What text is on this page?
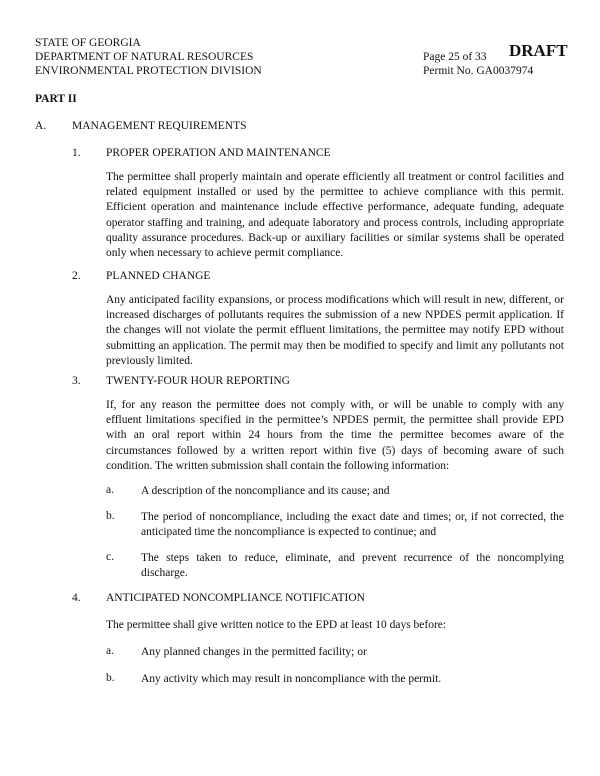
STATE OF GEORGIA
DEPARTMENT OF NATURAL RESOURCES
ENVIRONMENTAL PROTECTION DIVISION
Page 25 of 33
Permit No. GA0037974
DRAFT
PART II
A. MANAGEMENT REQUIREMENTS
1. PROPER OPERATION AND MAINTENANCE

The permittee shall properly maintain and operate efficiently all treatment or control facilities and related equipment installed or used by the permittee to achieve compliance with this permit. Efficient operation and maintenance include effective performance, adequate funding, adequate operator staffing and training, and adequate laboratory and process controls, including appropriate quality assurance procedures. Back-up or auxiliary facilities or similar systems shall be operated only when necessary to achieve permit compliance.

2. PLANNED CHANGE

Any anticipated facility expansions, or process modifications which will result in new, different, or increased discharges of pollutants requires the submission of a new NPDES permit application. If the changes will not violate the permit effluent limitations, the permittee may notify EPD without submitting an application. The permit may then be modified to specify and limit any pollutants not previously limited.

3. TWENTY-FOUR HOUR REPORTING

If, for any reason the permittee does not comply with, or will be unable to comply with any effluent limitations specified in the permittee’s NPDES permit, the permittee shall provide EPD with an oral report within 24 hours from the time the permittee becomes aware of the circumstances followed by a written report within five (5) days of becoming aware of such condition. The written submission shall contain the following information:

a. A description of the noncompliance and its cause; and

b. The period of noncompliance, including the exact date and times; or, if not corrected, the anticipated time the noncompliance is expected to continue; and

c. The steps taken to reduce, eliminate, and prevent recurrence of the noncomplying discharge.

4. ANTICIPATED NONCOMPLIANCE NOTIFICATION

The permittee shall give written notice to the EPD at least 10 days before:

a. Any planned changes in the permitted facility; or

b. Any activity which may result in noncompliance with the permit.
